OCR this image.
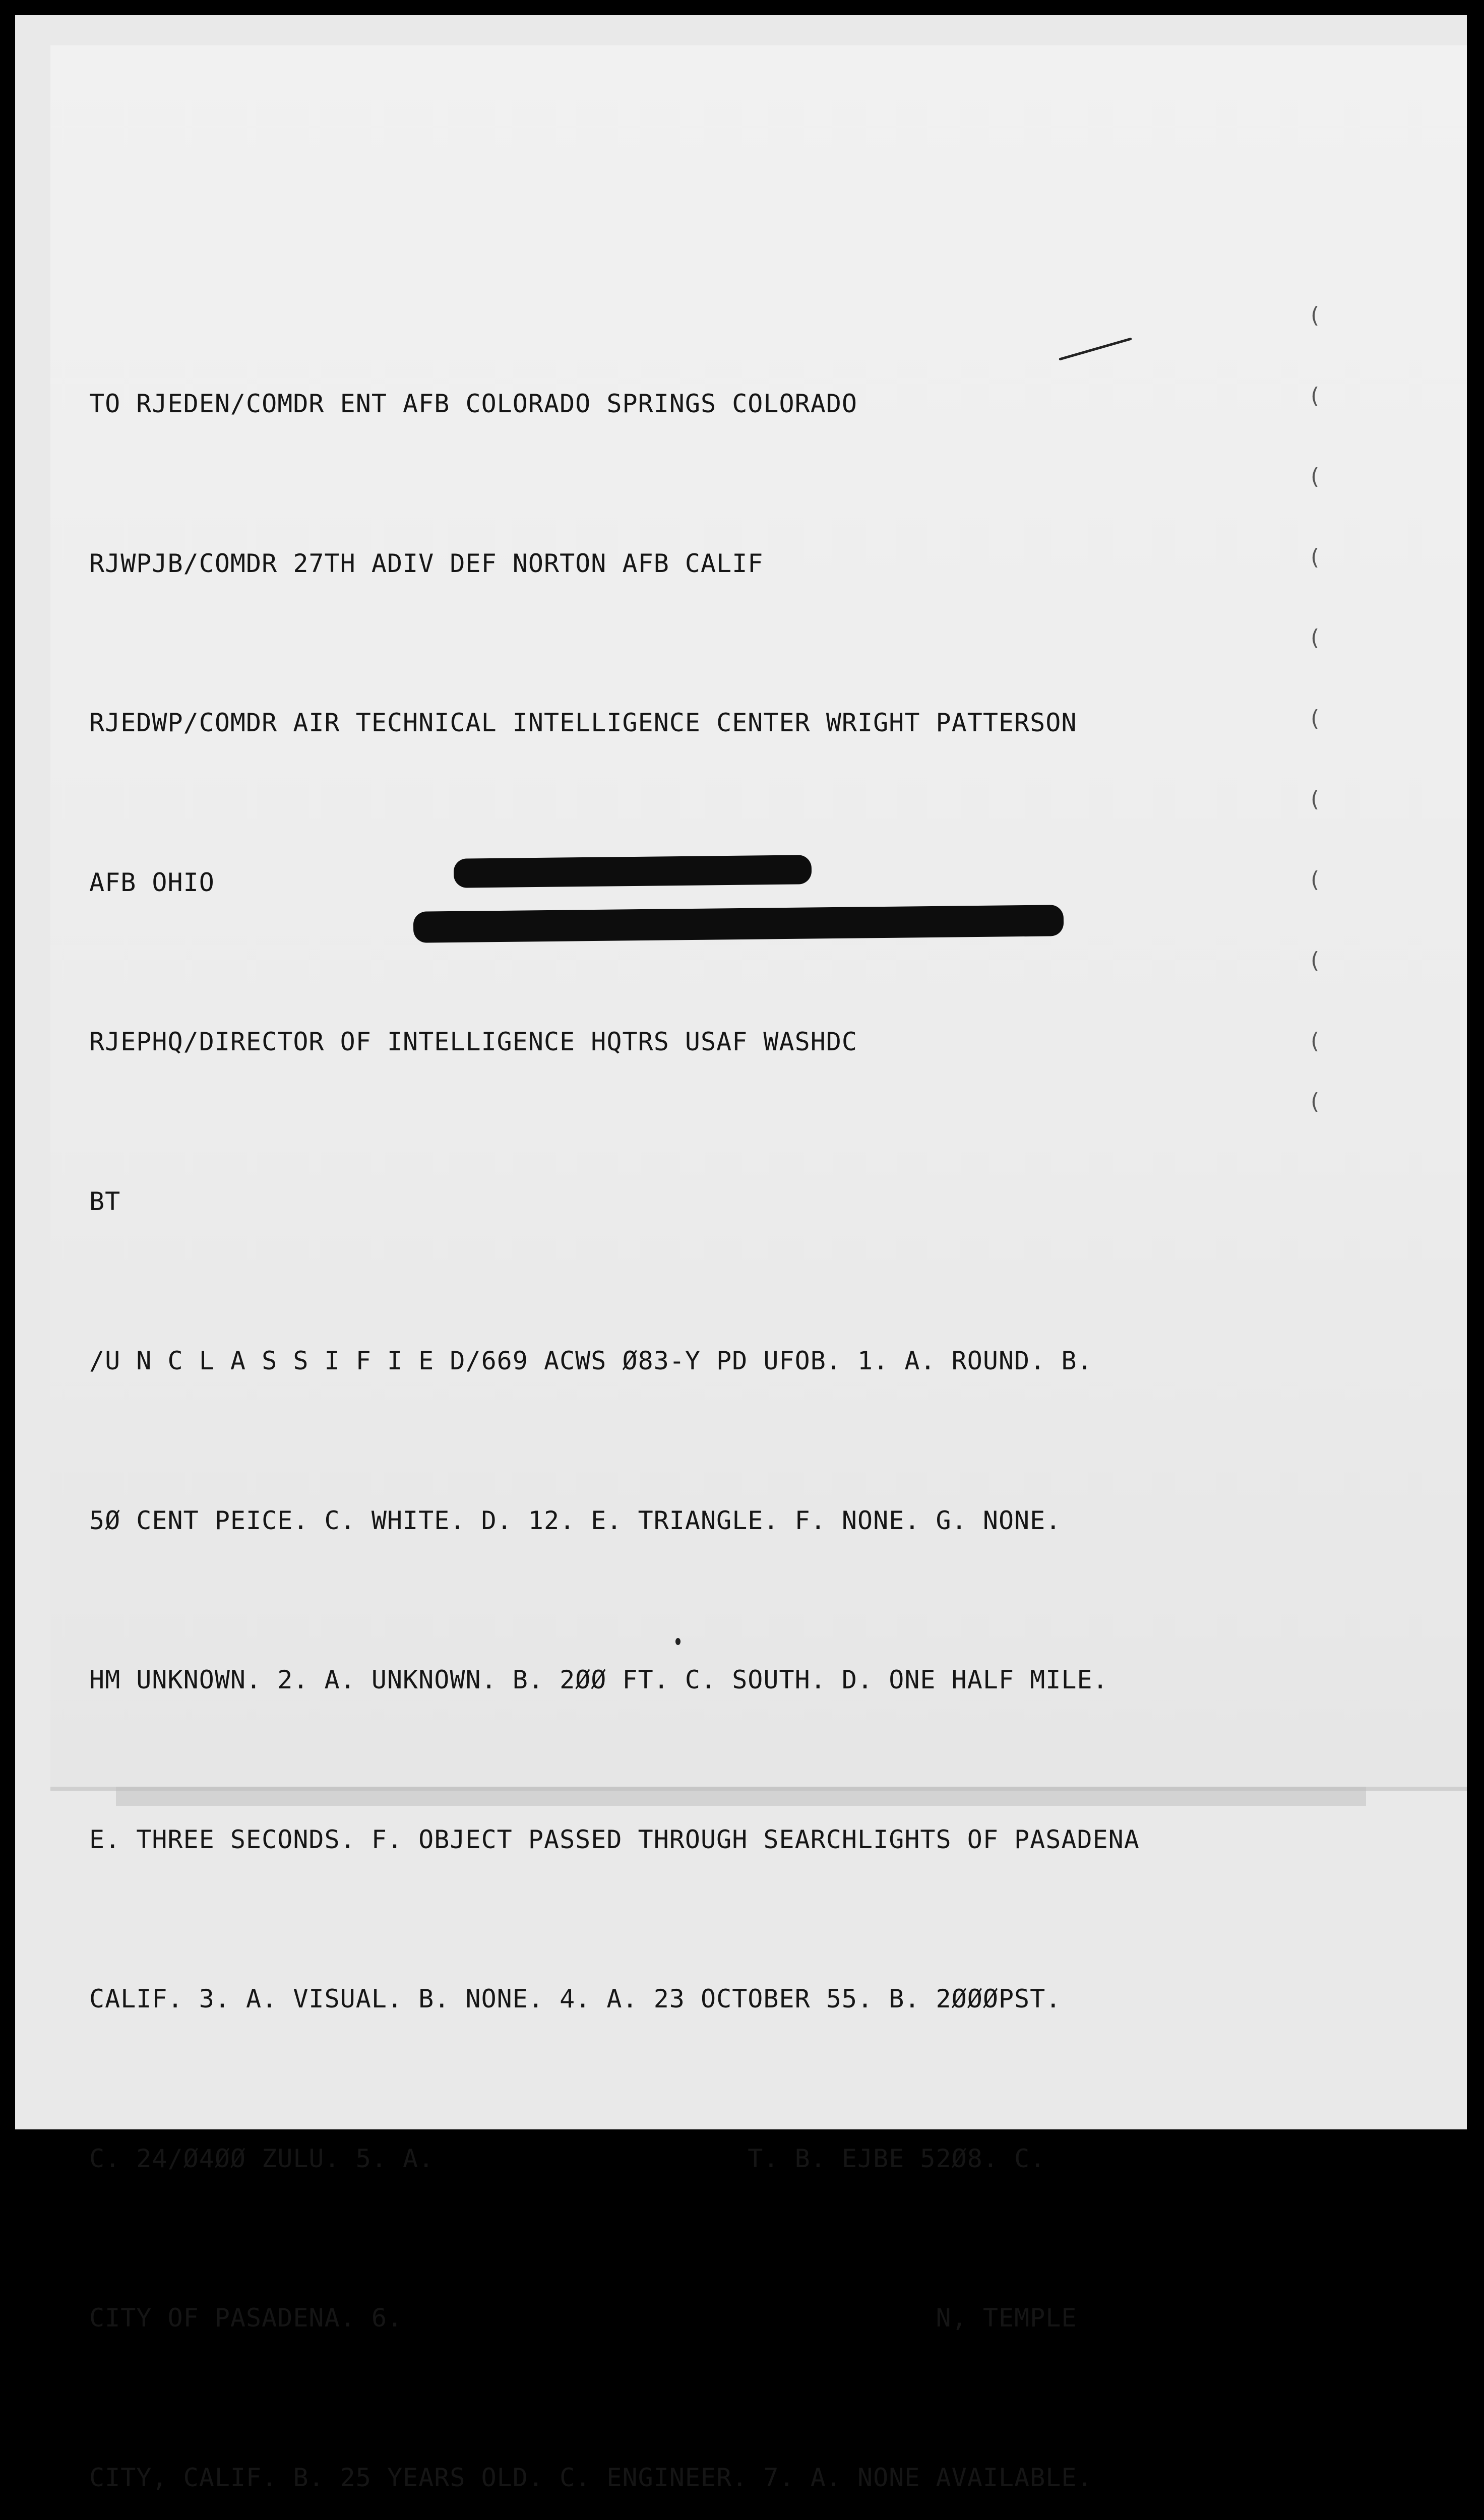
(
(
(
(
(
(
(
(
(
(
(

TO RJEDEN/COMDR ENT AFB COLORADO SPRINGS COLORADO

RJWPJB/COMDR 27TH ADIV DEF NORTON AFB CALIF

RJEDWP/COMDR AIR TECHNICAL INTELLIGENCE CENTER WRIGHT PATTERSON

AFB OHIO

RJEPHQ/DIRECTOR OF INTELLIGENCE HQTRS USAF WASHDC

BT

/U N C L A S S I F I E D/669 ACWS Ø83-Y PD UFOB. 1. A. ROUND. B.

5Ø CENT PEICE. C. WHITE. D. 12. E. TRIANGLE. F. NONE. G. NONE.

HM UNKNOWN. 2. A. UNKNOWN. B. 2ØØ FT. C. SOUTH. D. ONE HALF MILE.

E. THREE SECONDS. F. OBJECT PASSED THROUGH SEARCHLIGHTS OF PASADENA

CALIF. 3. A. VISUAL. B. NONE. 4. A. 23 OCTOBER 55. B. 2ØØØPST.

C. 24/Ø4ØØ ZULU. 5. A.                    T. B. EJBE 52Ø8. C.

CITY OF PASADENA. 6.                                  N, TEMPLE

CITY, CALIF. B. 25 YEARS OLD. C. ENGINEER. 7. A. NONE AVAILABLE.
